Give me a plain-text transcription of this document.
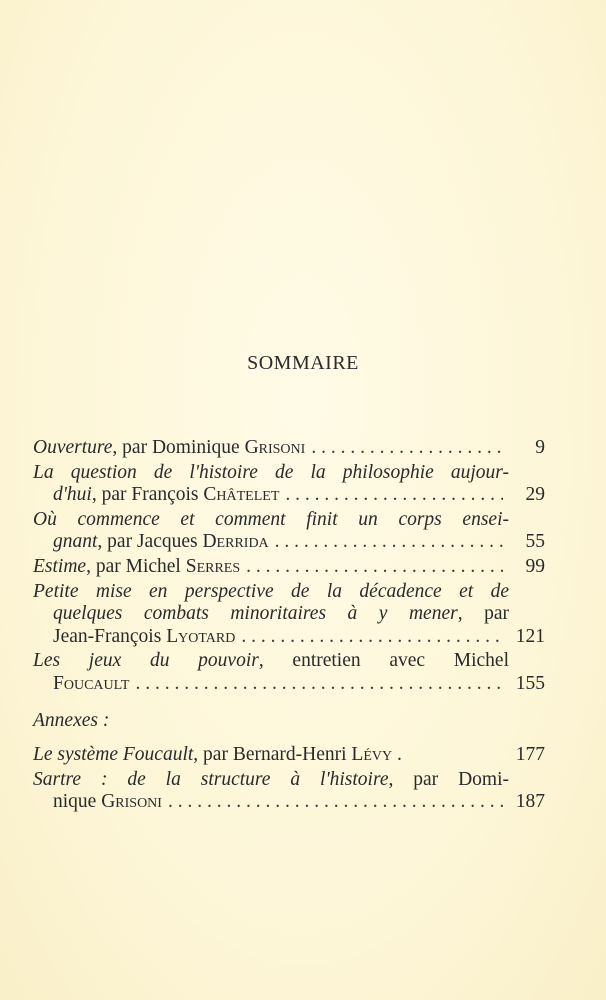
SOMMAIRE
Ouverture , par Dominique Grisoni . . .	9
La question de l'histoire de la philosophie aujour-
d'hui , par François Châtelet . . .	29
Où commence et comment finit un corps ensei-
gnant , par Jacques Derrida . . .	55
Estime , par Michel Serres . . .	99
Petite mise en perspective de la décadence et de
quelques combats minoritaires à y mener, par
Jean-François Lyotard . . .	121
Les jeux du pouvoir, entretien avec Michel
Foucault . . .	155
Annexes :
Le système Foucault , par Bernard-Henri Lévy .	177
Sartre : de la structure à l'histoire, par Domi-
nique Grisoni . . .	187
